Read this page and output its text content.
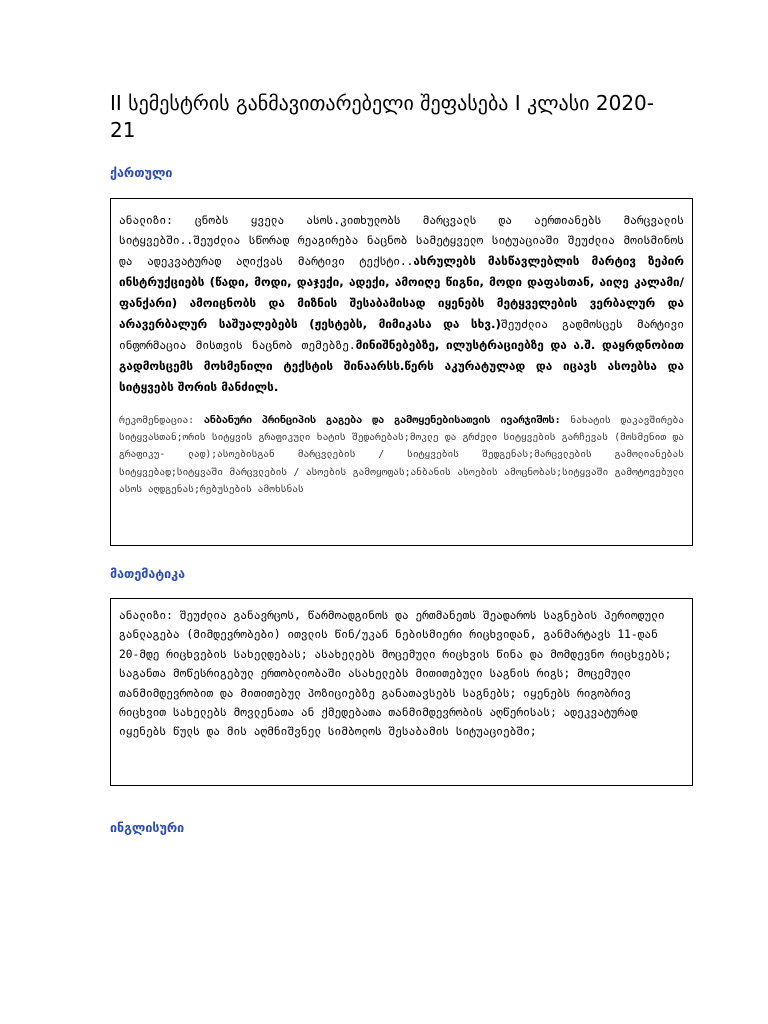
II სემესტრის განმავითარებელი შეფასება I კლასი 2020-21
ქართული

ანალიზი: ცნობს ყველა ასოს.კითხულობს მარცვალს და აერთიანებს მარცვალის სიტყვებში..შეუძლია სწორად რეაგირება ნაცნობ სამეტყველო სიტუაციაში შეუძლია მოისმინოს და ადეკვატურად აღიქვას მარტივი ტექსტი..ასრულებს მასწავლებლის მარტივ ზეპირ ინსტრუქციებს (წადი, მოდი, დაჯექი, ადექი, ამოიღე წიგნი, მოდი დაფასთან, აიღე კალამი/ფანქარი) ამოიცნობს და მიზნის შესაბამისად იყენებს მეტყველების ვერბალურ და არავერბალურ საშუალებებს (ჟესტებს, მიმიკასა და სხვ.)შეუძლია გადმოსცეს მარტივი ინფორმაცია მისთვის ნაცნობ თემებზე.მინიშნებებზე, ილუსტრაციებზე და ა.შ. დაყრდნობით გადმოსცემს მოსმენილი ტექსტის შინაარსს.წერს აკურატულად და იცავს ასოებსა და სიტყვებს შორის მანძილს.

რეკომენდაცია: ანბანური პრინციპის გაგება და გამოყენებისათვის ივარჯიშოს: ნახატის დაკავშირება სიტყვასთან;ორის სიტყვის გრაფიკული ხატის შედარებას;მოკლე და გრძელი სიტყვების გარჩევას (მოსმენით და გრაფიკუ- ლად);ასოებისგან მარცვლების / სიტყვების შედგენას;მარცვლების გამოლიანებას სიტყვებად;სიტყვაში მარცვლების / ასოების გამოყოფას;ანბანის ასოების ამოცნობას;სიტყვაში გამოტოვებული ასოს აღდგენას;რებუსების ამოხსნას

მათემატიკა

ანალიზი: შეუძლია განავრცოს, წარმოადგინოს და ერთმანეთს შეადაროს საგნების პერიოდული განლაგება (მიმდევრობები) ითვლის წინ/უკან ნებისმიერი რიცხვიდან, განმარტავს 11-დან 20-მდე რიცხვების სახელდებას; ასახელებს მოცემული რიცხვის წინა და მომდევნო რიცხვებს; საგანთა მოწესრიგებულ ერთობლიობაში ასახელებს მითითებული საგნის რიგს; მოცემული თანმიმდევრობით და მითითებულ პოზიციებზე განათავსებს საგნებს; იყენებს რიგობრივ რიცხვით სახელებს მოვლენათა ან ქმედებათა თანმიმდევრობის აღწერისას; ადეკვატურად იყენებს წულს და მის აღმნიშვნელ სიმბოლოს შესაბამის სიტუაციებში;

ინგლისური
